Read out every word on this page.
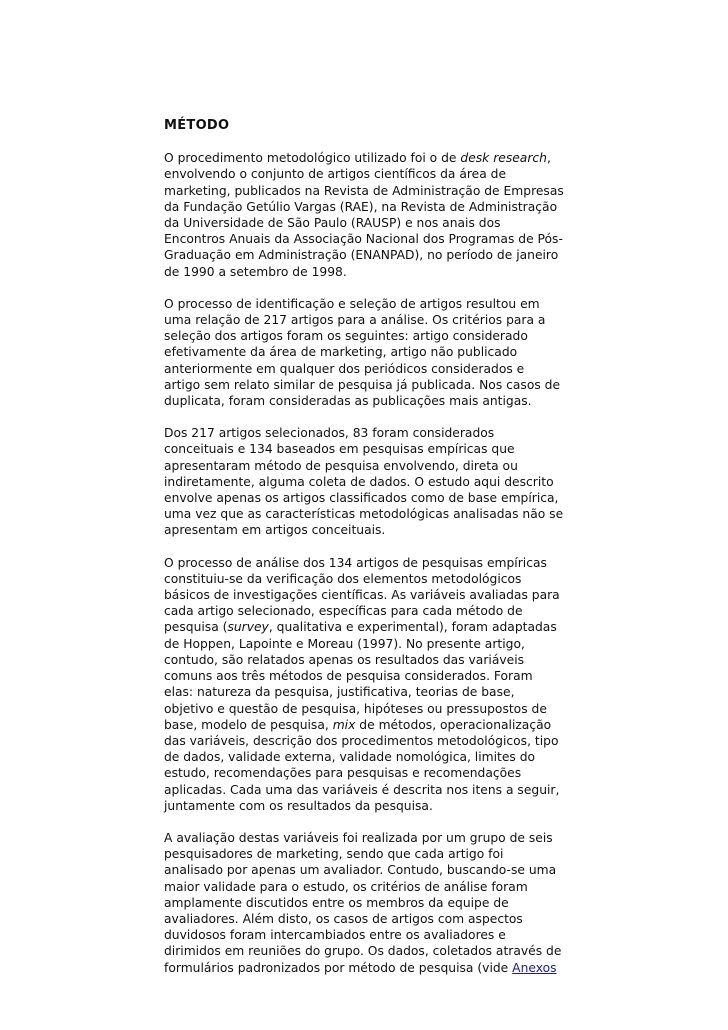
MÉTODO

O procedimento metodológico utilizado foi o de desk research, envolvendo o conjunto de artigos científicos da área de marketing, publicados na Revista de Administração de Empresas da Fundação Getúlio Vargas (RAE), na Revista de Administração da Universidade de São Paulo (RAUSP) e nos anais dos Encontros Anuais da Associação Nacional dos Programas de Pós-Graduação em Administração (ENANPAD), no período de janeiro de 1990 a setembro de 1998.

O processo de identificação e seleção de artigos resultou em uma relação de 217 artigos para a análise. Os critérios para a seleção dos artigos foram os seguintes: artigo considerado efetivamente da área de marketing, artigo não publicado anteriormente em qualquer dos periódicos considerados e artigo sem relato similar de pesquisa já publicada. Nos casos de duplicata, foram consideradas as publicações mais antigas.

Dos 217 artigos selecionados, 83 foram considerados conceituais e 134 baseados em pesquisas empíricas que apresentaram método de pesquisa envolvendo, direta ou indiretamente, alguma coleta de dados. O estudo aqui descrito envolve apenas os artigos classificados como de base empírica, uma vez que as características metodológicas analisadas não se apresentam em artigos conceituais.

O processo de análise dos 134 artigos de pesquisas empíricas constituiu-se da verificação dos elementos metodológicos básicos de investigações científicas. As variáveis avaliadas para cada artigo selecionado, específicas para cada método de pesquisa (survey, qualitativa e experimental), foram adaptadas de Hoppen, Lapointe e Moreau (1997). No presente artigo, contudo, são relatados apenas os resultados das variáveis comuns aos três métodos de pesquisa considerados. Foram elas: natureza da pesquisa, justificativa, teorias de base, objetivo e questão de pesquisa, hipóteses ou pressupostos de base, modelo de pesquisa, mix de métodos, operacionalização das variáveis, descrição dos procedimentos metodológicos, tipo de dados, validade externa, validade nomológica, limites do estudo, recomendações para pesquisas e recomendações aplicadas. Cada uma das variáveis é descrita nos itens a seguir, juntamente com os resultados da pesquisa.

A avaliação destas variáveis foi realizada por um grupo de seis pesquisadores de marketing, sendo que cada artigo foi analisado por apenas um avaliador. Contudo, buscando-se uma maior validade para o estudo, os critérios de análise foram amplamente discutidos entre os membros da equipe de avaliadores. Além disto, os casos de artigos com aspectos duvidosos foram intercambiados entre os avaliadores e dirimidos em reuniões do grupo. Os dados, coletados através de formulários padronizados por método de pesquisa (vide Anexos
